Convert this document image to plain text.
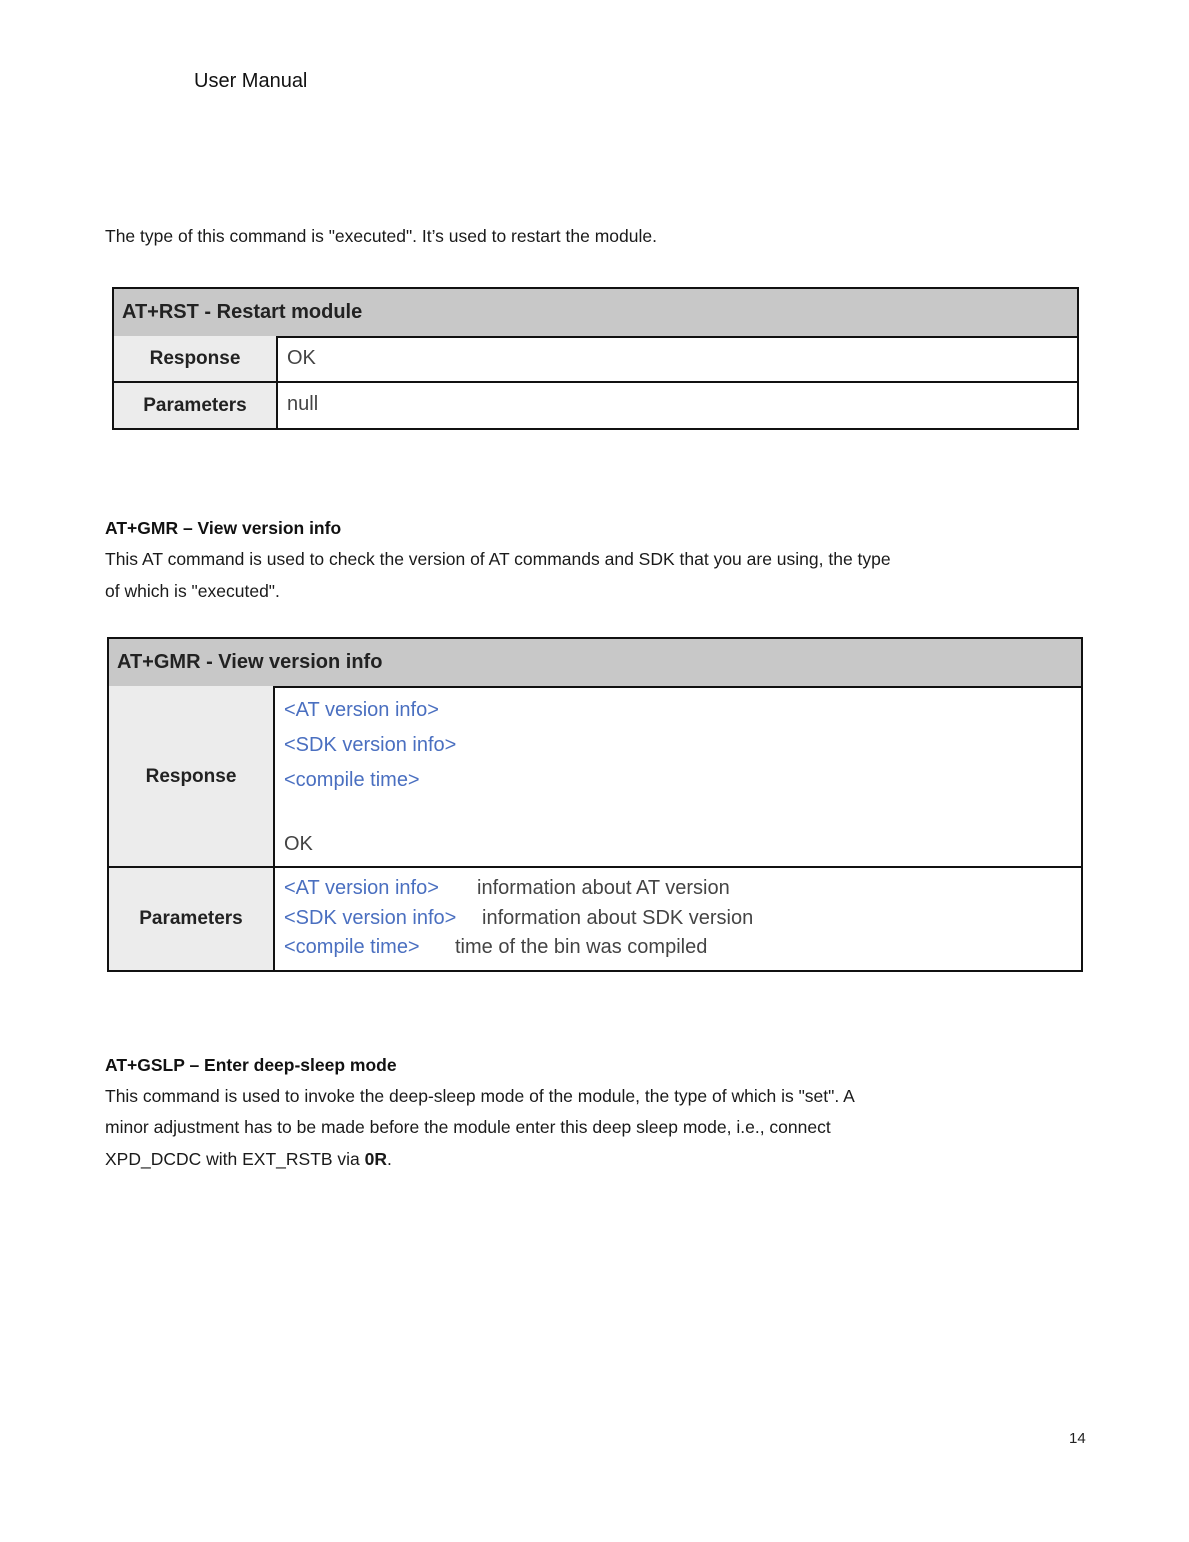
User Manual
The type of this command is "executed". It’s used to restart the module.
AT+RST - Restart module
Response	OK
Parameters	null
AT+GMR – View version info
This AT command is used to check the version of AT commands and SDK that you are using, the type
of which is "executed".
AT+GMR - View version info
Response
<AT version info>
<SDK version info>
<compile time>
OK
Parameters
<AT version info> information about AT version
<SDK version info> information about SDK version
<compile time> time of the bin was compiled
AT+GSLP – Enter deep-sleep mode
This command is used to invoke the deep-sleep mode of the module, the type of which is "set". A
minor adjustment has to be made before the module enter this deep sleep mode, i.e., connect
XPD_DCDC with EXT_RSTB via 0R.
14
